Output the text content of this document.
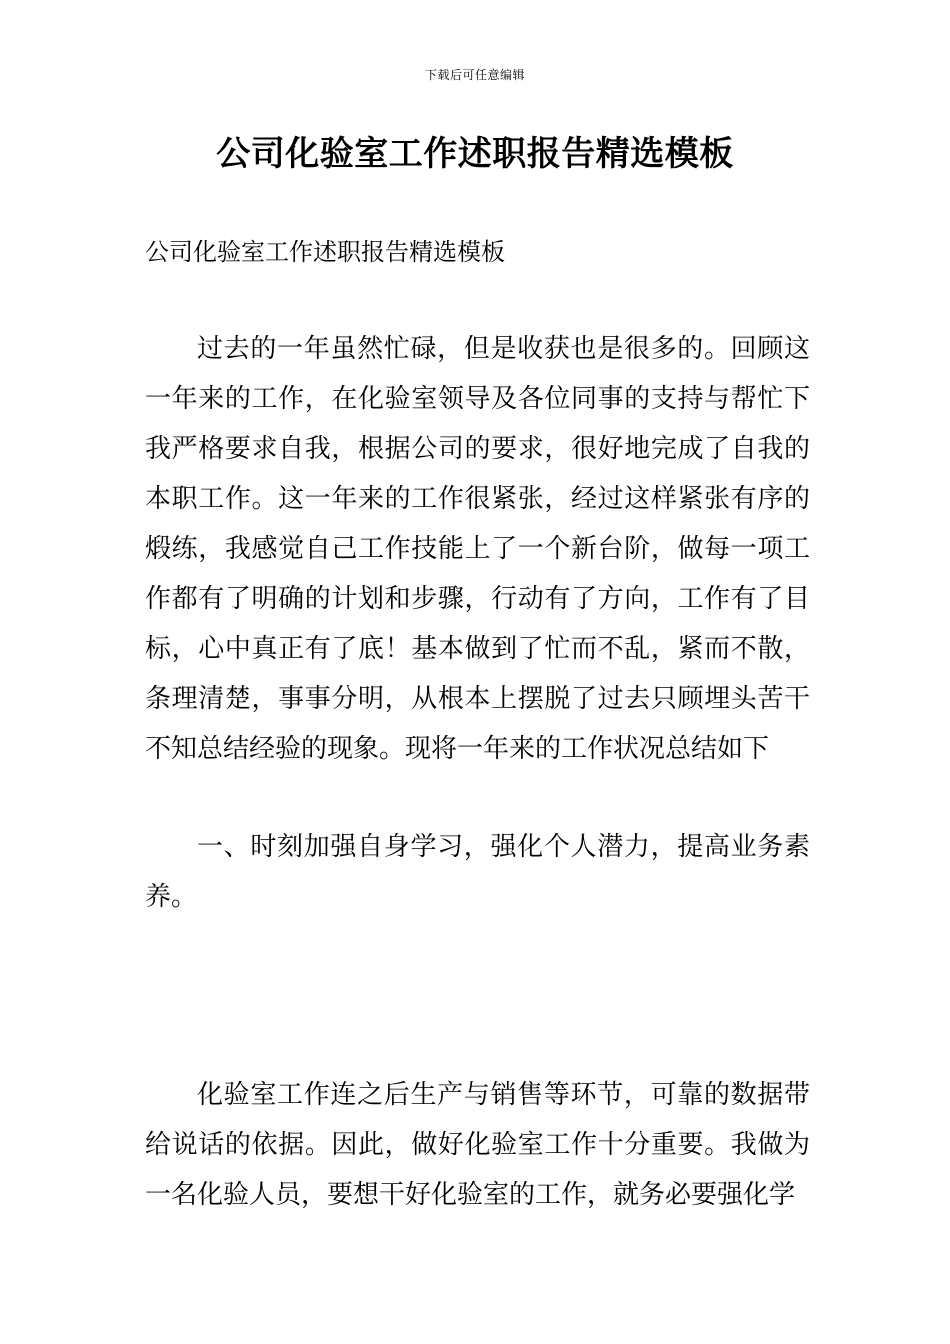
下载后可任意编辑
公司化验室工作述职报告精选模板
公司化验室工作述职报告精选模板

过去的一年虽然忙碌，但是收获也是很多的。回顾这一年来的工作，在化验室领导及各位同事的支持与帮忙下我严格要求自我，根据公司的要求，很好地完成了自我的本职工作。这一年来的工作很紧张，经过这样紧张有序的煅练，我感觉自己工作技能上了一个新台阶，做每一项工作都有了明确的计划和步骤，行动有了方向，工作有了目标，心中真正有了底！基本做到了忙而不乱，紧而不散，条理清楚，事事分明，从根本上摆脱了过去只顾埋头苦干不知总结经验的现象。现将一年来的工作状况总结如下

一、时刻加强自身学习，强化个人潜力，提高业务素养。

化验室工作连之后生产与销售等环节，可靠的数据带给说话的依据。因此，做好化验室工作十分重要。我做为一名化验人员，要想干好化验室的工作，就务必要强化学
